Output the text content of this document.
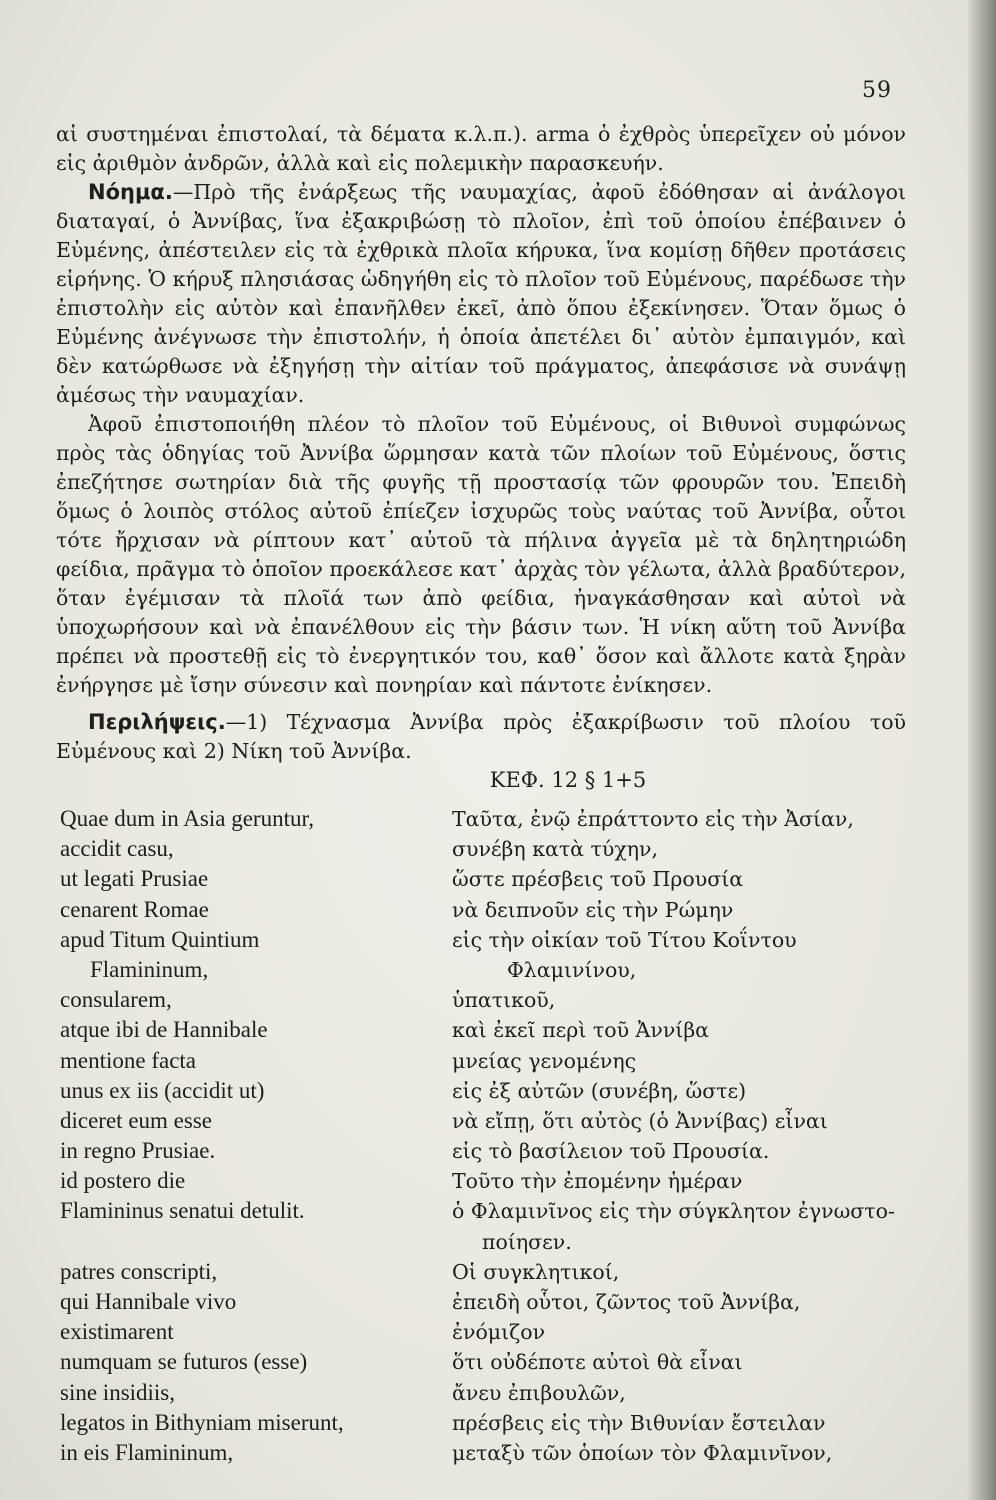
59

αἱ συστημέναι ἐπιστολαί, τὰ δέματα κ.λ.π.). arma ὁ ἐχθρὸς ὑπερεῖχεν οὐ μόνον εἰς ἀριθμὸν ἀνδρῶν, ἀλλὰ καὶ εἰς πολεμικὴν παρασκευήν.

Νόημα.—Πρὸ τῆς ἐνάρξεως τῆς ναυμαχίας, ἀφοῦ ἐδόθησαν αἱ ἀνάλογοι διαταγαί, ὁ Ἀννίβας, ἵνα ἐξακριβώσῃ τὸ πλοῖον, ἐπὶ τοῦ ὁποίου ἐπέβαινεν ὁ Εὐμένης, ἀπέστειλεν εἰς τὰ ἐχθρικὰ πλοῖα κήρυκα, ἵνα κομίσῃ δῆθεν προτάσεις εἰρήνης. Ὁ κήρυξ πλησιάσας ὡδηγήθη εἰς τὸ πλοῖον τοῦ Εὐμένους, παρέδωσε τὴν ἐπιστολὴν εἰς αὐτὸν καὶ ἐπανῆλθεν ἐκεῖ, ἀπὸ ὅπου ἐξεκίνησεν. Ὅταν ὅμως ὁ Εὐμένης ἀνέγνωσε τὴν ἐπιστολήν, ἡ ὁποία ἀπετέλει δι᾽ αὐτὸν ἐμπαιγμόν, καὶ δὲν κατώρθωσε νὰ ἐξηγήσῃ τὴν αἰτίαν τοῦ πράγματος, ἀπεφάσισε νὰ συνάψῃ ἀμέσως τὴν ναυμαχίαν.

Ἀφοῦ ἐπιστοποιήθη πλέον τὸ πλοῖον τοῦ Εὐμένους, οἱ Βιθυνοὶ συμφώνως πρὸς τὰς ὁδηγίας τοῦ Ἀννίβα ὥρμησαν κατὰ τῶν πλοίων τοῦ Εὐμένους, ὅστις ἐπεζήτησε σωτηρίαν διὰ τῆς φυγῆς τῇ προστασίᾳ τῶν φρουρῶν του. Ἐπειδὴ ὅμως ὁ λοιπὸς στόλος αὐτοῦ ἐπίεζεν ἰσχυρῶς τοὺς ναύτας τοῦ Ἀννίβα, οὗτοι τότε ἤρχισαν νὰ ρίπτουν κατ᾽ αὐτοῦ τὰ πήλινα ἀγγεῖα μὲ τὰ δηλητηριώδη φείδια, πρᾶγμα τὸ ὁποῖον προεκάλεσε κατ᾽ ἀρχὰς τὸν γέλωτα, ἀλλὰ βραδύτερον, ὅταν ἐγέμισαν τὰ πλοῖά των ἀπὸ φείδια, ἠναγκάσθησαν καὶ αὐτοὶ νὰ ὑποχωρήσουν καὶ νὰ ἐπανέλθουν εἰς τὴν βάσιν των. Ἡ νίκη αὕτη τοῦ Ἀννίβα πρέπει νὰ προστεθῇ εἰς τὸ ἐνεργητικόν του, καθ᾽ ὅσον καὶ ἄλλοτε κατὰ ξηρὰν ἐνήργησε μὲ ἴσην σύνεσιν καὶ πονηρίαν καὶ πάντοτε ἐνίκησεν.

Περιλήψεις.—1) Τέχνασμα Ἀννίβα πρὸς ἐξακρίβωσιν τοῦ πλοίου τοῦ Εὐμένους καὶ 2) Νίκη τοῦ Ἀννίβα.

ΚΕΦ. 12 § 1+5
Quae dum in Asia geruntur,
accidit casu,
ut legati Prusiae
cenarent Romae
apud Titum Quintium
Flamininum,
consularem,
atque ibi de Hannibale
mentione facta
unus ex iis (accidit ut)
diceret eum esse
in regno Prusiae.
id postero die
Flamininus senatui detulit.
patres conscripti,
qui Hannibale vivo
existimarent
numquam se futuros (esse)
sine insidiis,
legatos in Bithyniam miserunt,
in eis Flamininum,
Ταῦτα, ἐνῷ ἐπράττοντο εἰς τὴν Ἀσίαν,
συνέβη κατὰ τύχην,
ὥστε πρέσβεις τοῦ Προυσία
νὰ δειπνοῦν εἰς τὴν Ρώμην
εἰς τὴν οἰκίαν τοῦ Τίτου Κοΐντου
Φλαμινίνου,
ὑπατικοῦ,
καὶ ἐκεῖ περὶ τοῦ Ἀννίβα
μνείας γενομένης
εἰς ἐξ αὐτῶν (συνέβη, ὥστε)
νὰ εἴπῃ, ὅτι αὐτὸς (ὁ Ἀννίβας) εἶναι
εἰς τὸ βασίλειον τοῦ Προυσία.
Τοῦτο τὴν ἐπομένην ἡμέραν
ὁ Φλαμινῖνος εἰς τὴν σύγκλητον ἐγνωστο-
ποίησεν.
Οἱ συγκλητικοί,
ἐπειδὴ οὗτοι, ζῶντος τοῦ Ἀννίβα,
ἐνόμιζον
ὅτι οὐδέποτε αὐτοὶ θὰ εἶναι
ἄνευ ἐπιβουλῶν,
πρέσβεις εἰς τὴν Βιθυνίαν ἔστειλαν
μεταξὺ τῶν ὁποίων τὸν Φλαμινῖνον,
